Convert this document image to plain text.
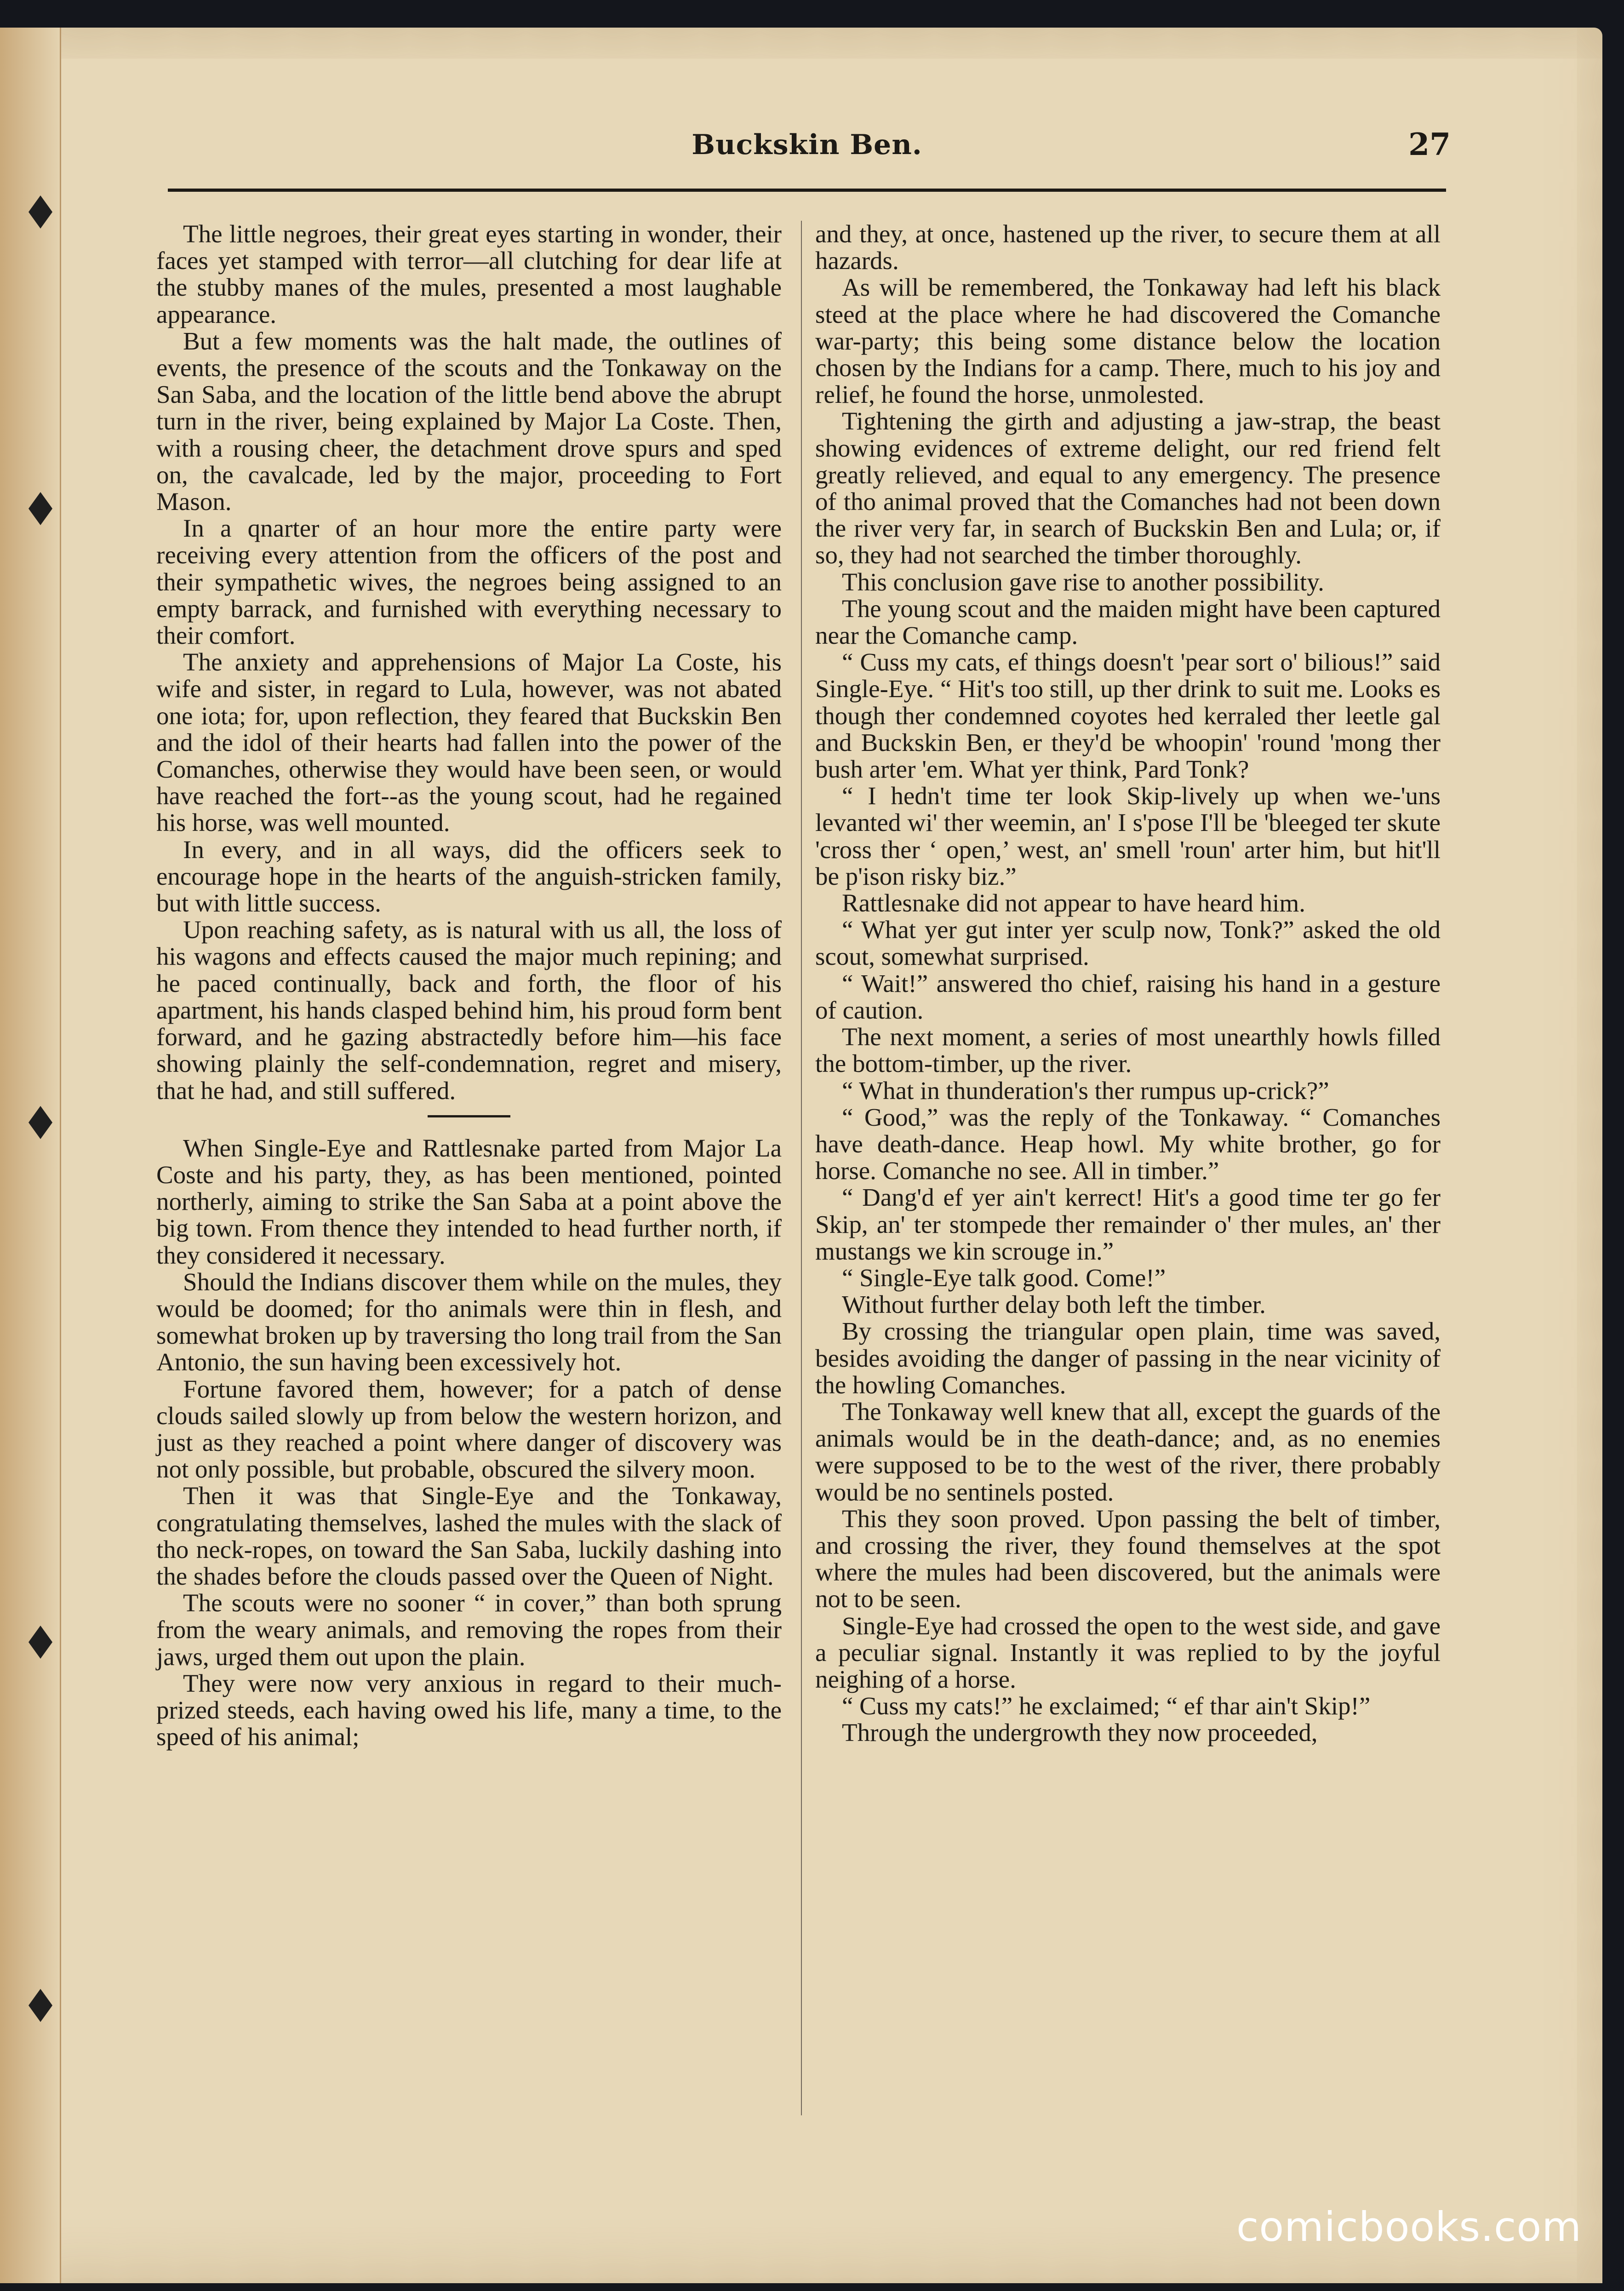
Buckskin Ben.	27

The little negroes, their great eyes starting in wonder, their faces yet stamped with terror—all clutching for dear life at the stubby manes of the mules, presented a most laughable appearance.

But a few moments was the halt made, the outlines of events, the presence of the scouts and the Tonkaway on the San Saba, and the location of the little bend above the abrupt turn in the river, being explained by Major La Coste. Then, with a rousing cheer, the detachment drove spurs and sped on, the cavalcade, led by the major, proceeding to Fort Mason.

In a qnarter of an hour more the entire party were receiving every attention from the officers of the post and their sympathetic wives, the negroes being assigned to an empty barrack, and furnished with everything necessary to their comfort.

The anxiety and apprehensions of Major La Coste, his wife and sister, in regard to Lula, however, was not abated one iota; for, upon reflection, they feared that Buckskin Ben and the idol of their hearts had fallen into the power of the Comanches, otherwise they would have been seen, or would have reached the fort--as the young scout, had he regained his horse, was well mounted.

In every, and in all ways, did the officers seek to encourage hope in the hearts of the anguish-stricken family, but with little success.

Upon reaching safety, as is natural with us all, the loss of his wagons and effects caused the major much repining; and he paced continually, back and forth, the floor of his apartment, his hands clasped behind him, his proud form bent forward, and he gazing abstractedly before him—his face showing plainly the self-condemnation, regret and misery, that he had, and still suffered.

When Single-Eye and Rattlesnake parted from Major La Coste and his party, they, as has been mentioned, pointed northerly, aiming to strike the San Saba at a point above the big town. From thence they intended to head further north, if they considered it necessary.

Should the Indians discover them while on the mules, they would be doomed; for tho animals were thin in flesh, and somewhat broken up by traversing tho long trail from the San Antonio, the sun having been excessively hot.

Fortune favored them, however; for a patch of dense clouds sailed slowly up from below the western horizon, and just as they reached a point where danger of discovery was not only possible, but probable, obscured the silvery moon.

Then it was that Single-Eye and the Tonkaway, congratulating themselves, lashed the mules with the slack of tho neck-ropes, on toward the San Saba, luckily dashing into the shades before the clouds passed over the Queen of Night.

The scouts were no sooner “ in cover,” than both sprung from the weary animals, and removing the ropes from their jaws, urged them out upon the plain.

They were now very anxious in regard to their much-prized steeds, each having owed his life, many a time, to the speed of his animal;

and they, at once, hastened up the river, to secure them at all hazards.

As will be remembered, the Tonkaway had left his black steed at the place where he had discovered the Comanche war-party; this being some distance below the location chosen by the Indians for a camp. There, much to his joy and relief, he found the horse, unmolested.

Tightening the girth and adjusting a jaw-strap, the beast showing evidences of extreme delight, our red friend felt greatly relieved, and equal to any emergency. The presence of tho animal proved that the Comanches had not been down the river very far, in search of Buckskin Ben and Lula; or, if so, they had not searched the timber thoroughly.

This conclusion gave rise to another possibility.

The young scout and the maiden might have been captured near the Comanche camp.

“ Cuss my cats, ef things doesn't 'pear sort o' bilious!” said Single-Eye. “ Hit's too still, up ther drink to suit me. Looks es though ther condemned coyotes hed kerraled ther leetle gal and Buckskin Ben, er they'd be whoopin' 'round 'mong ther bush arter 'em. What yer think, Pard Tonk?

“ I hedn't time ter look Skip-lively up when we-'uns levanted wi' ther weemin, an' I s'pose I'll be 'bleeged ter skute 'cross ther ‘ open,’ west, an' smell 'roun' arter him, but hit'll be p'ison risky biz.”

Rattlesnake did not appear to have heard him.

“ What yer gut inter yer sculp now, Tonk?” asked the old scout, somewhat surprised.

“ Wait!” answered tho chief, raising his hand in a gesture of caution.

The next moment, a series of most unearthly howls filled the bottom-timber, up the river.

“ What in thunderation's ther rumpus up-crick?”

“ Good,” was the reply of the Tonkaway. “ Comanches have death-dance. Heap howl. My white brother, go for horse. Comanche no see. All in timber.”

“ Dang'd ef yer ain't kerrect! Hit's a good time ter go fer Skip, an' ter stompede ther remainder o' ther mules, an' ther mustangs we kin scrouge in.”

“ Single-Eye talk good. Come!”

Without further delay both left the timber.

By crossing the triangular open plain, time was saved, besides avoiding the danger of passing in the near vicinity of the howling Comanches.

The Tonkaway well knew that all, except the guards of the animals would be in the death-dance; and, as no enemies were supposed to be to the west of the river, there probably would be no sentinels posted.

This they soon proved. Upon passing the belt of timber, and crossing the river, they found themselves at the spot where the mules had been discovered, but the animals were not to be seen.

Single-Eye had crossed the open to the west side, and gave a peculiar signal. Instantly it was replied to by the joyful neighing of a horse.

“ Cuss my cats!” he exclaimed; “ ef thar ain't Skip!”

Through the undergrowth they now proceeded,

comicbooks.com
